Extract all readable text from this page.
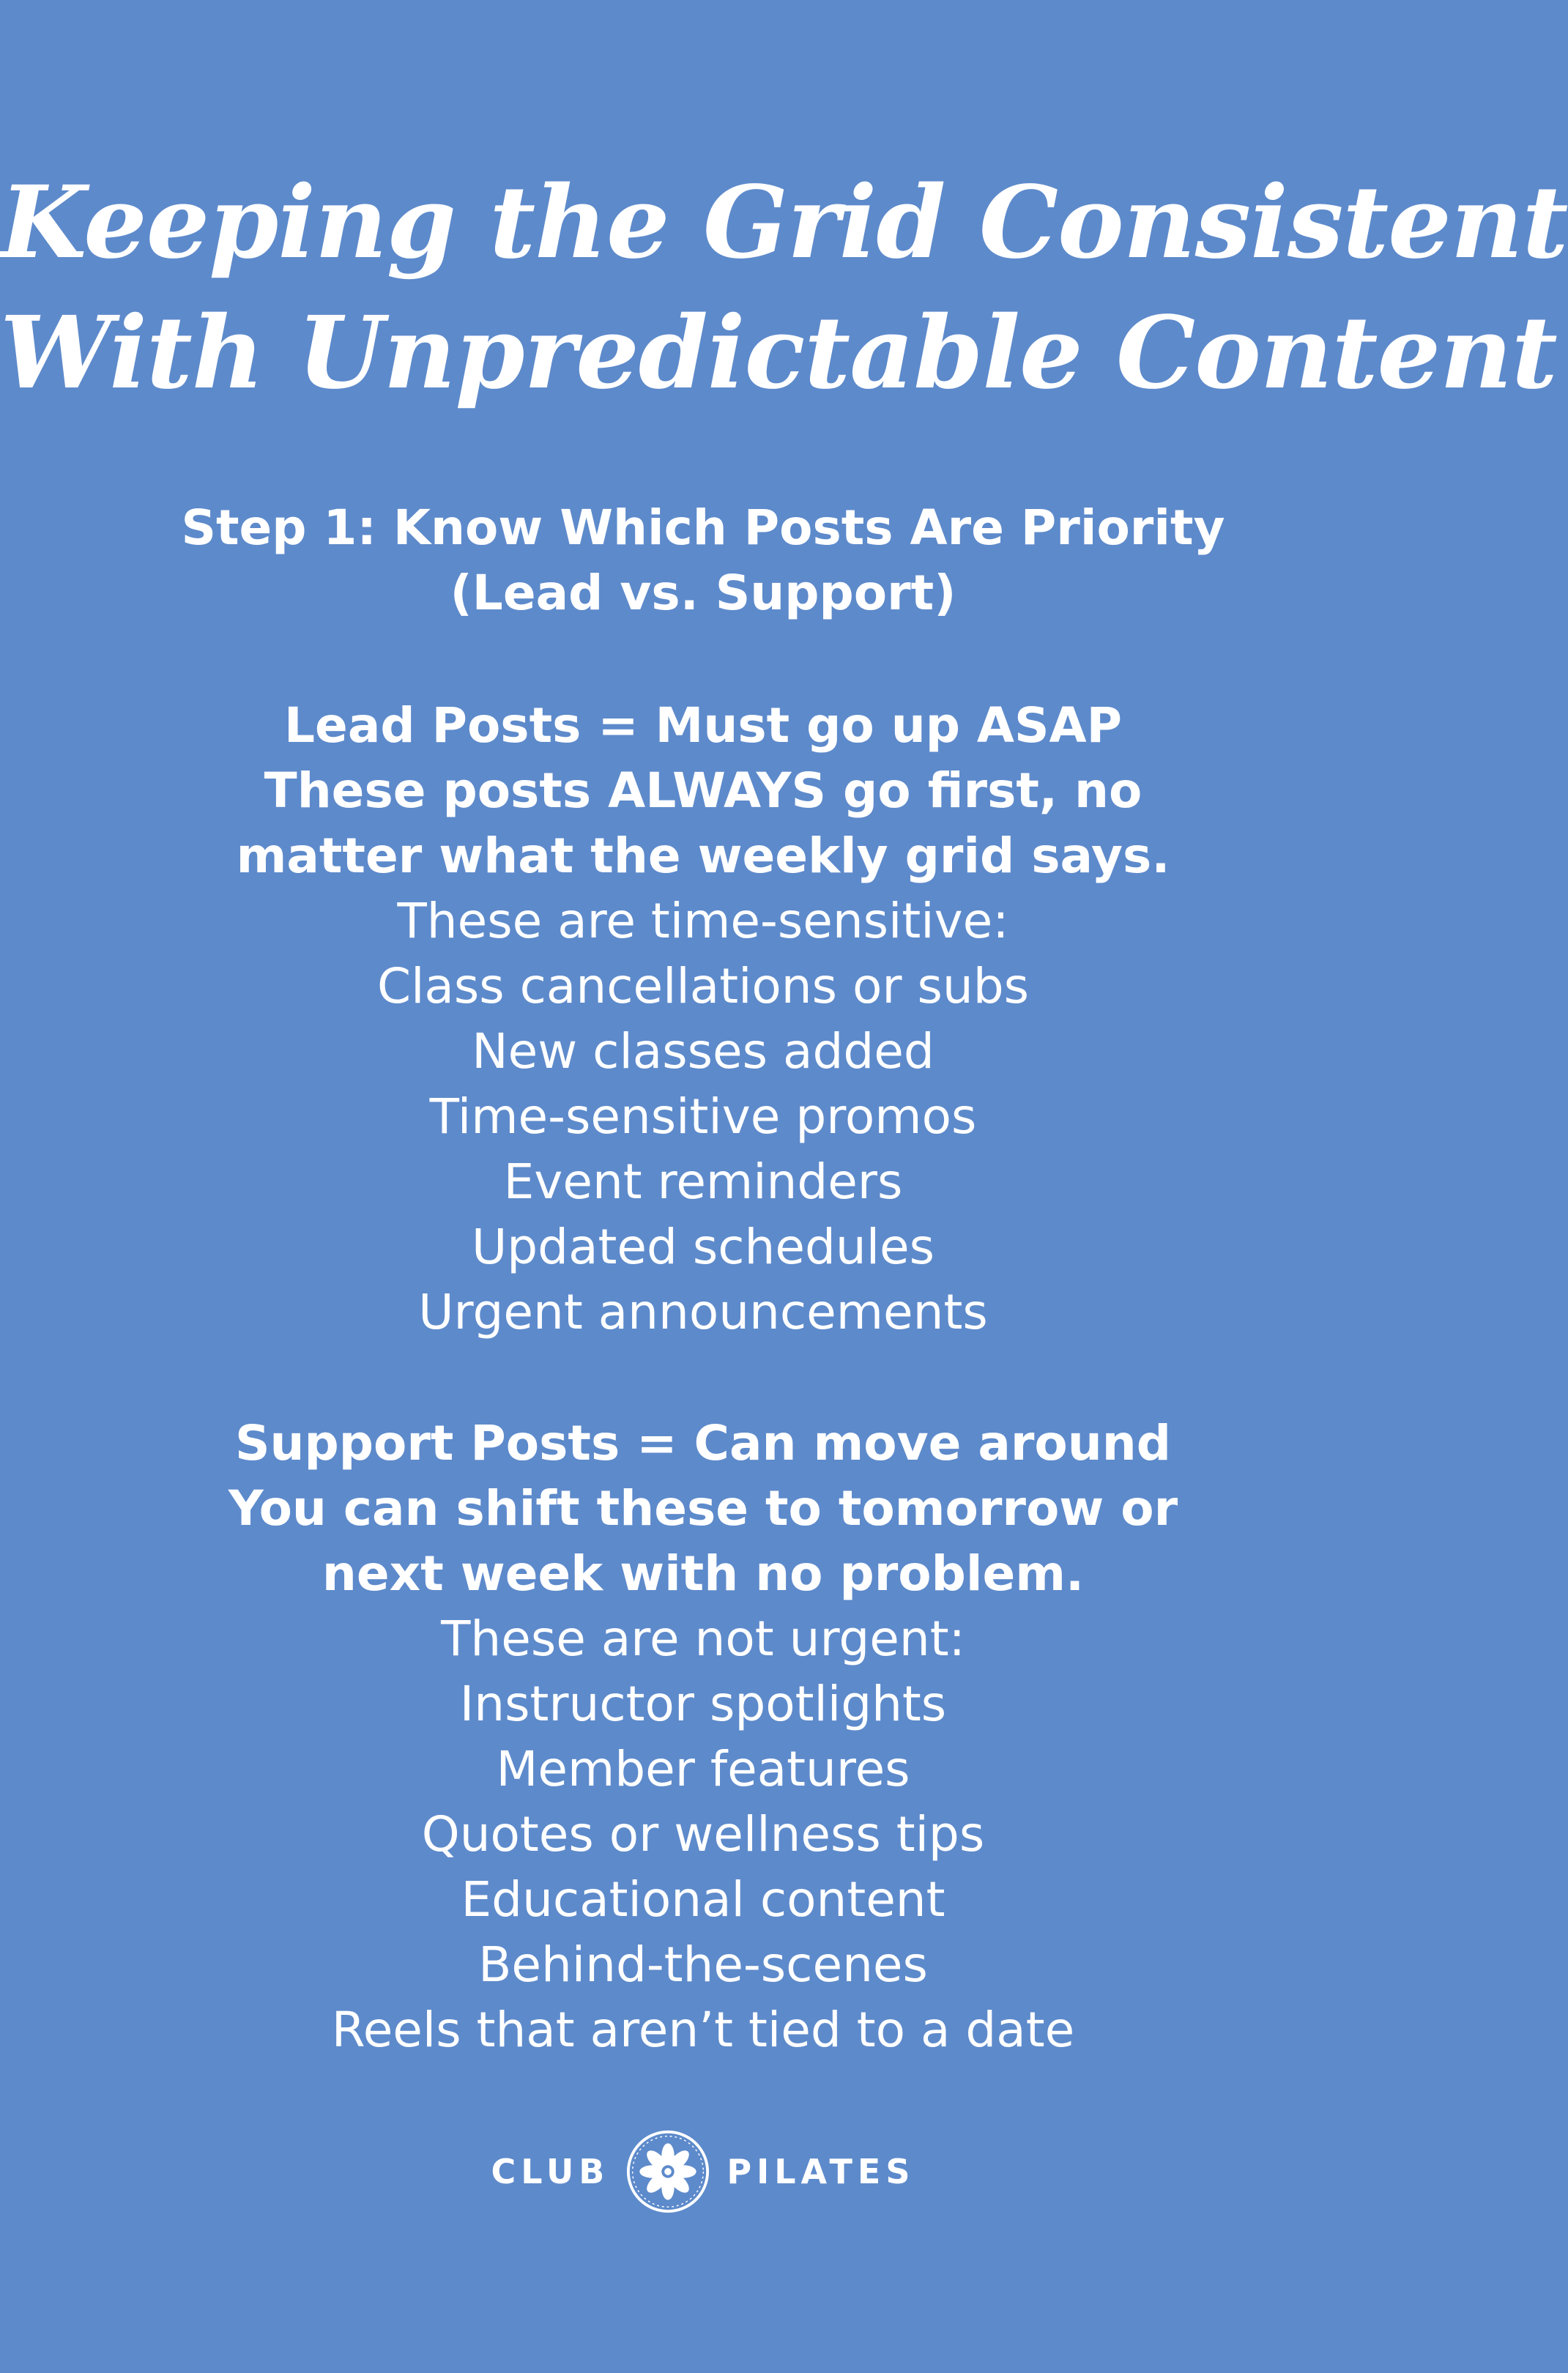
Keeping the Grid Consistent
With Unpredictable Content
Step 1: Know Which Posts Are Priority
(Lead vs. Support)
Lead Posts = Must go up ASAP
These posts ALWAYS go first, no
matter what the weekly grid says.
These are time-sensitive:
Class cancellations or subs
New classes added
Time-sensitive promos
Event reminders
Updated schedules
Urgent announcements
Support Posts = Can move around
You can shift these to tomorrow or
next week with no problem.
These are not urgent:
Instructor spotlights
Member features
Quotes or wellness tips
Educational content
Behind-the-scenes
Reels that aren’t tied to a date
CLUB	PILATES
